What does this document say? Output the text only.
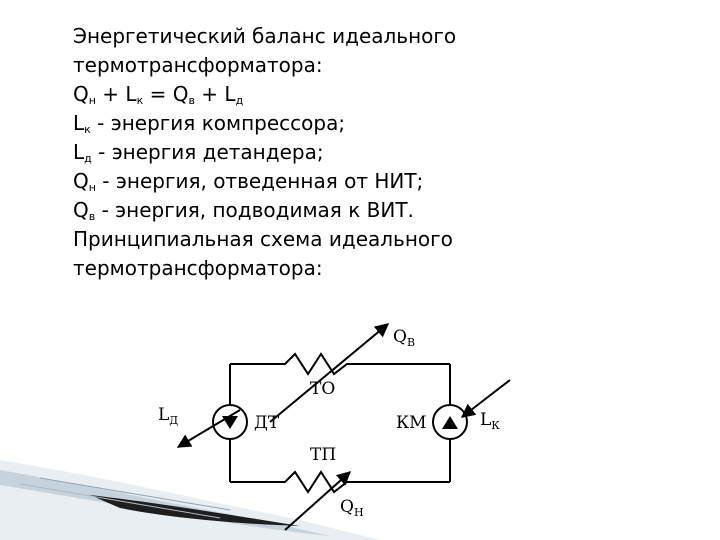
Энергетический баланс идеального термотрансформатора:
$Q_н + L_к = Q_в + L_д$
$L_к$ - энергия компрессора;
$L_д$ - энергия детандера;
$Q_н$ - энергия, отведенная от НИТ;
$Q_в$ - энергия, подводимая к ВИТ.
Принципиальная схема идеального термотрансформатора:
$Q_В$
ТО
$L_Д$	ДТ	КМ	$L_К$
ТП
$Q_Н$
